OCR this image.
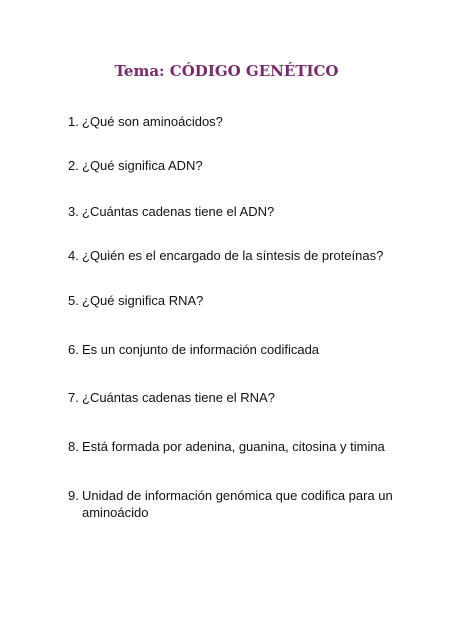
Tema: CÓDIGO GENÉTICO
1. ¿Qué son aminoácidos?
2. ¿Qué significa ADN?
3. ¿Cuántas cadenas tiene el ADN?
4. ¿Quién es el encargado de la síntesis de proteínas?
5. ¿Qué significa RNA?
6. Es un conjunto de información codificada
7. ¿Cuántas cadenas tiene el RNA?
8. Está formada por adenina, guanina, citosina y timina
9. Unidad de información genómica que codifica para un aminoácido
